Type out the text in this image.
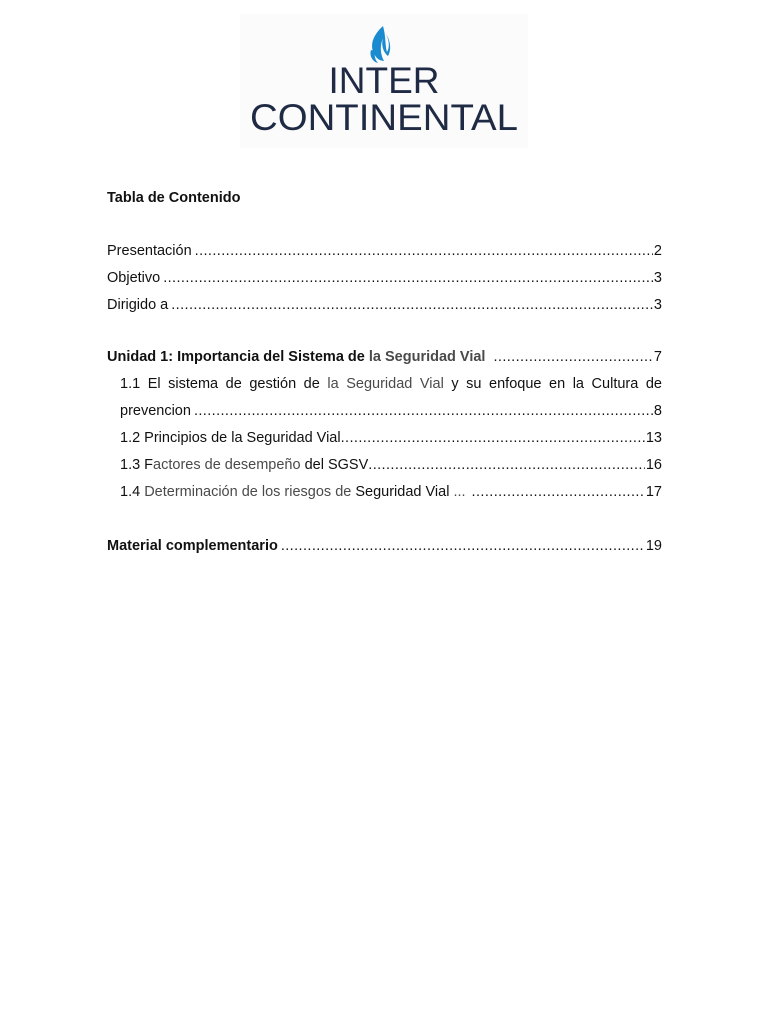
INTER
CONTINENTAL
Tabla de Contenido
Presentación .....	2
Objetivo .....	3
Dirigido a .....	3
Unidad 1: Importancia del Sistema de la Seguridad Vial .....	7
1.1 El sistema de gestión de la Seguridad Vial y su enfoque en la Cultura de
prevencion .....	8
1.2 Principios de la Seguridad Vial .....	13
1.3 Factores de desempeño del SGSV .....	16
1.4 Determinación de los riesgos de Seguridad Vial ... .....	17
Material complementario .....	19
